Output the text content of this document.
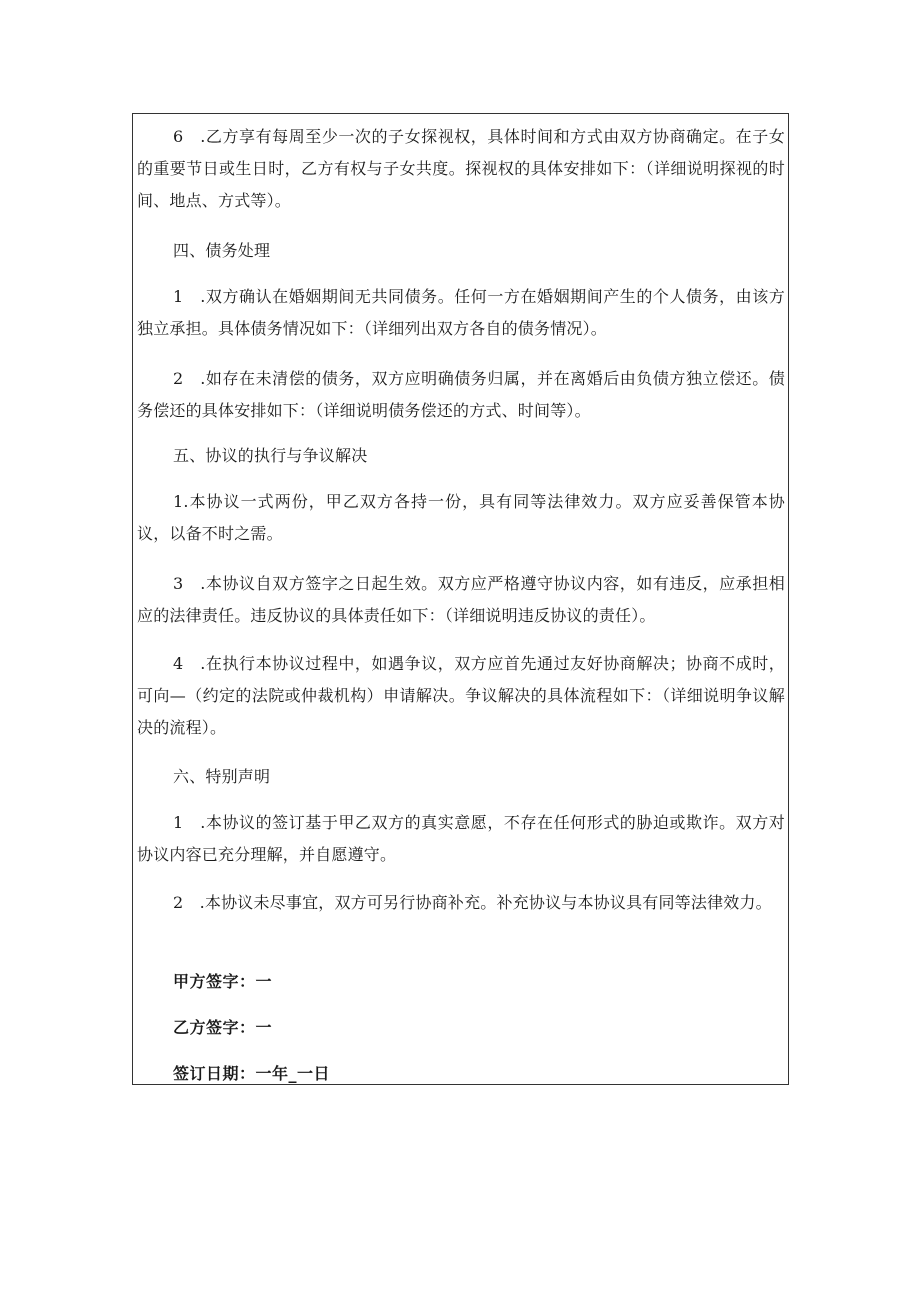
6　.乙方享有每周至少一次的子女探视权，具体时间和方式由双方协商确定。在子女的重要节日或生日时，乙方有权与子女共度。探视权的具体安排如下：（详细说明探视的时间、地点、方式等）。

四、债务处理

1　.双方确认在婚姻期间无共同债务。任何一方在婚姻期间产生的个人债务，由该方独立承担。具体债务情况如下：（详细列出双方各自的债务情况）。

2　.如存在未清偿的债务，双方应明确债务归属，并在离婚后由负债方独立偿还。债务偿还的具体安排如下：（详细说明债务偿还的方式、时间等）。

五、协议的执行与争议解决

1.本协议一式两份，甲乙双方各持一份，具有同等法律效力。双方应妥善保管本协议，以备不时之需。

3　.本协议自双方签字之日起生效。双方应严格遵守协议内容，如有违反，应承担相应的法律责任。违反协议的具体责任如下：（详细说明违反协议的责任）。

4　.在执行本协议过程中，如遇争议，双方应首先通过友好协商解决；协商不成时，可向—（约定的法院或仲裁机构）申请解决。争议解决的具体流程如下：（详细说明争议解决的流程）。

六、特别声明

1　.本协议的签订基于甲乙双方的真实意愿，不存在任何形式的胁迫或欺诈。双方对协议内容已充分理解，并自愿遵守。

2　.本协议未尽事宜，双方可另行协商补充。补充协议与本协议具有同等法律效力。

甲方签字：一

乙方签字：一

签订日期：一年_一日
